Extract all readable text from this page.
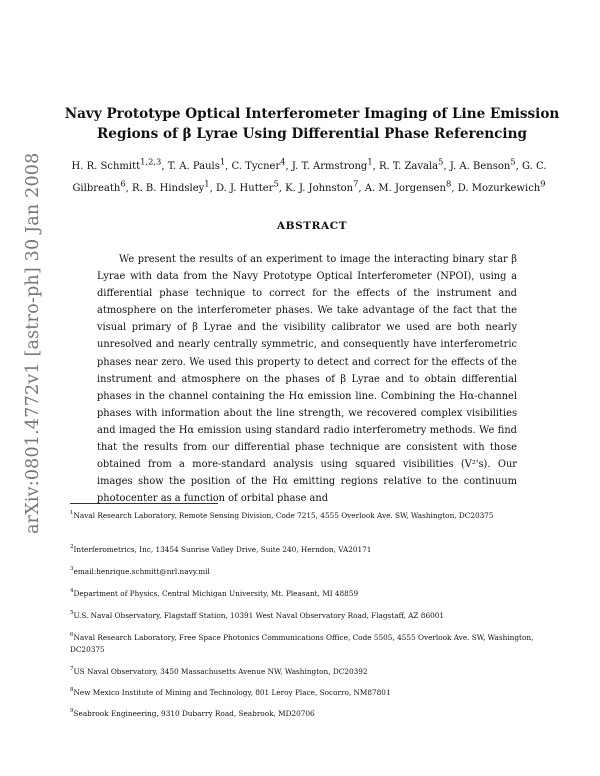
arXiv:0801.4772v1 [astro-ph] 30 Jan 2008
Navy Prototype Optical Interferometer Imaging of Line Emission
Regions of β Lyrae Using Differential Phase Referencing
H. R. Schmitt$^{1,2,3}$, T. A. Pauls$^1$, C. Tycner$^4$, J. T. Armstrong$^1$, R. T. Zavala$^5$, J. A. Benson$^5$, G. C. Gilbreath$^6$, R. B. Hindsley$^1$, D. J. Hutter$^5$, K. J. Johnston$^7$, A. M. Jorgensen$^8$, D. Mozurkewich$^9$
ABSTRACT

We present the results of an experiment to image the interacting binary star β Lyrae with data from the Navy Prototype Optical Interferometer (NPOI), using a differential phase technique to correct for the effects of the instrument and atmosphere on the interferometer phases. We take advantage of the fact that the visual primary of β Lyrae and the visibility calibrator we used are both nearly unresolved and nearly centrally symmetric, and consequently have interferometric phases near zero. We used this property to detect and correct for the effects of the instrument and atmosphere on the phases of β Lyrae and to obtain differential phases in the channel containing the Hα emission line. Combining the Hα-channel phases with information about the line strength, we recovered complex visibilities and imaged the Hα emission using standard radio interferometry methods. We find that the results from our differential phase technique are consistent with those obtained from a more-standard analysis using squared visibilities (V²'s). Our images show the position of the Hα emitting regions relative to the continuum photocenter as a function of orbital phase and

$^1$Naval Research Laboratory, Remote Sensing Division, Code 7215, 4555 Overlook Ave. SW, Washington, DC20375

$^2$Interferometrics, Inc, 13454 Sunrise Valley Drive, Suite 240, Herndon, VA20171

$^3$email:henrique.schmitt@nrl.navy.mil

$^4$Department of Physics, Central Michigan University, Mt. Pleasant, MI 48859

$^5$U.S. Naval Observatory, Flagstaff Station, 10391 West Naval Observatory Road, Flagstaff, AZ 86001

$^6$Naval Research Laboratory, Free Space Photonics Communications Office, Code 5505, 4555 Overlook Ave. SW, Washington, DC20375

$^7$US Naval Observatory, 3450 Massachusetts Avenue NW, Washington, DC20392

$^8$New Mexico Institute of Mining and Technology, 801 Leroy Place, Socorro, NM87801

$^9$Seabrook Engineering, 9310 Dubarry Road, Seabrook, MD20706
